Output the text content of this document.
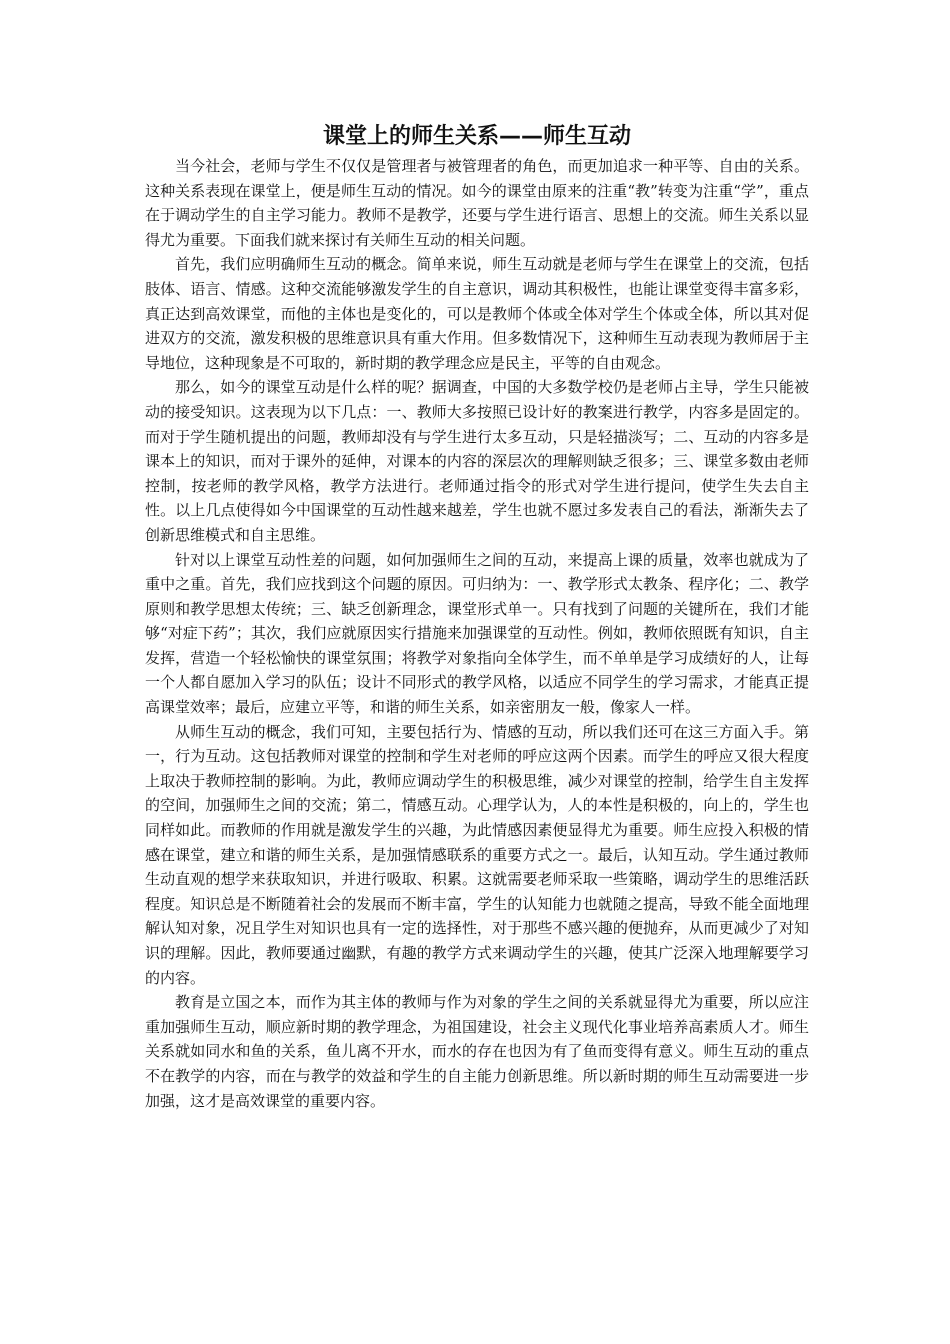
课堂上的师生关系——师生互动

当今社会，老师与学生不仅仅是管理者与被管理者的角色，而更加追求一种平等、自由的关系。这种关系表现在课堂上，便是师生互动的情况。如今的课堂由原来的注重“教”转变为注重“学”，重点在于调动学生的自主学习能力。教师不是教学，还要与学生进行语言、思想上的交流。师生关系以显得尤为重要。下面我们就来探讨有关师生互动的相关问题。

首先，我们应明确师生互动的概念。简单来说，师生互动就是老师与学生在课堂上的交流，包括肢体、语言、情感。这种交流能够激发学生的自主意识，调动其积极性，也能让课堂变得丰富多彩，真正达到高效课堂，而他的主体也是变化的，可以是教师个体或全体对学生个体或全体，所以其对促进双方的交流，激发积极的思维意识具有重大作用。但多数情况下，这种师生互动表现为教师居于主导地位，这种现象是不可取的，新时期的教学理念应是民主，平等的自由观念。

那么，如今的课堂互动是什么样的呢？据调查，中国的大多数学校仍是老师占主导，学生只能被动的接受知识。这表现为以下几点：一、教师大多按照已设计好的教案进行教学，内容多是固定的。而对于学生随机提出的问题，教师却没有与学生进行太多互动，只是轻描淡写；二、互动的内容多是课本上的知识，而对于课外的延伸，对课本的内容的深层次的理解则缺乏很多；三、课堂多数由老师控制，按老师的教学风格，教学方法进行。老师通过指令的形式对学生进行提问，使学生失去自主性。以上几点使得如今中国课堂的互动性越来越差，学生也就不愿过多发表自己的看法，渐渐失去了创新思维模式和自主思维。

针对以上课堂互动性差的问题，如何加强师生之间的互动，来提高上课的质量，效率也就成为了重中之重。首先，我们应找到这个问题的原因。可归纳为：一、教学形式太教条、程序化；二、教学原则和教学思想太传统；三、缺乏创新理念，课堂形式单一。只有找到了问题的关键所在，我们才能够“对症下药”；其次，我们应就原因实行措施来加强课堂的互动性。例如，教师依照既有知识，自主发挥，营造一个轻松愉快的课堂氛围；将教学对象指向全体学生，而不单单是学习成绩好的人，让每一个人都自愿加入学习的队伍；设计不同形式的教学风格，以适应不同学生的学习需求，才能真正提高课堂效率；最后，应建立平等，和谐的师生关系，如亲密朋友一般，像家人一样。

从师生互动的概念，我们可知，主要包括行为、情感的互动，所以我们还可在这三方面入手。第一，行为互动。这包括教师对课堂的控制和学生对老师的呼应这两个因素。而学生的呼应又很大程度上取决于教师控制的影响。为此，教师应调动学生的积极思维，减少对课堂的控制，给学生自主发挥的空间，加强师生之间的交流；第二，情感互动。心理学认为，人的本性是积极的，向上的，学生也同样如此。而教师的作用就是激发学生的兴趣，为此情感因素便显得尤为重要。师生应投入积极的情感在课堂，建立和谐的师生关系，是加强情感联系的重要方式之一。最后，认知互动。学生通过教师生动直观的想学来获取知识，并进行吸取、积累。这就需要老师采取一些策略，调动学生的思维活跃程度。知识总是不断随着社会的发展而不断丰富，学生的认知能力也就随之提高，导致不能全面地理解认知对象，况且学生对知识也具有一定的选择性，对于那些不感兴趣的便抛弃，从而更减少了对知识的理解。因此，教师要通过幽默，有趣的教学方式来调动学生的兴趣，使其广泛深入地理解要学习的内容。

教育是立国之本，而作为其主体的教师与作为对象的学生之间的关系就显得尤为重要，所以应注重加强师生互动，顺应新时期的教学理念，为祖国建设，社会主义现代化事业培养高素质人才。师生关系就如同水和鱼的关系，鱼儿离不开水，而水的存在也因为有了鱼而变得有意义。师生互动的重点不在教学的内容，而在与教学的效益和学生的自主能力创新思维。所以新时期的师生互动需要进一步加强，这才是高效课堂的重要内容。
